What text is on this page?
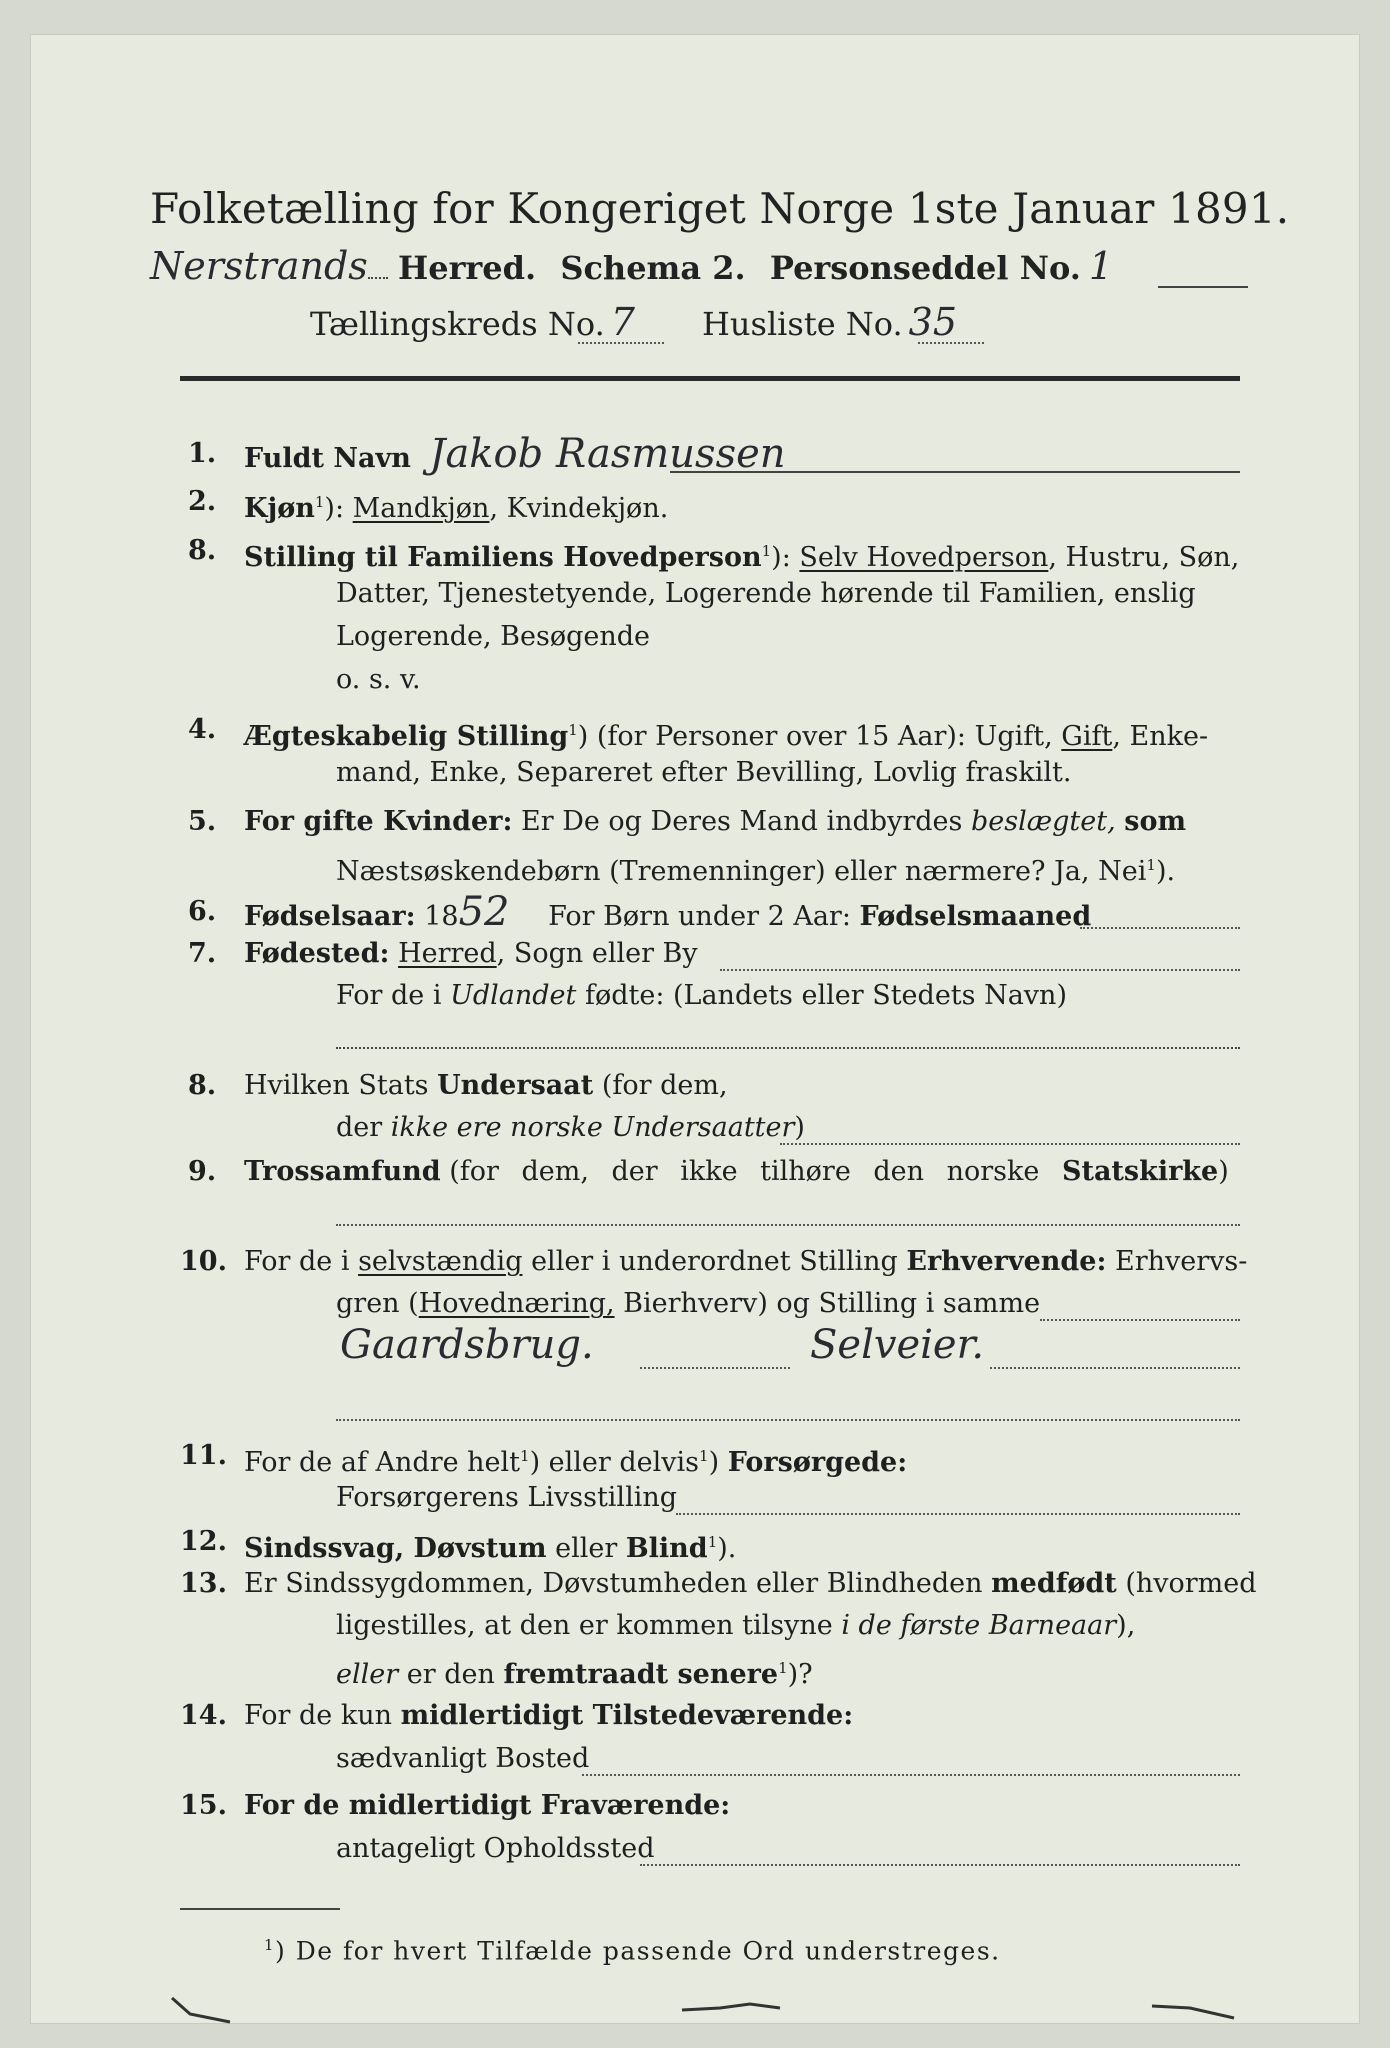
Folketælling for Kongeriget Norge 1ste Januar 1891.
Nerstrands Herred. Schema 2. Personseddel No. 1
Tællingskreds No. 7 Husliste No. 35
1. Fuldt Navn Jakob Rasmussen
2. Kjøn$^1$): Mandkjøn, Kvindekjøn.
8. Stilling til Familiens Hovedperson$^1$): Selv Hovedperson, Hustru, Søn,
Datter, Tjenestetyende, Logerende hørende til Familien, enslig
Logerende, Besøgende
o. s. v.
4. Ægteskabelig Stilling$^1$) (for Personer over 15 Aar): Ugift, Gift, Enke-
mand, Enke, Separeret efter Bevilling, Lovlig fraskilt.
5. For gifte Kvinder: Er De og Deres Mand indbyrdes beslægtet, som
Næstsøskendebørn (Tremenninger) eller nærmere? Ja, Nei$^1$).
6. Fødselsaar: 1852 For Børn under 2 Aar: Fødselsmaaned
7. Fødested: Herred, Sogn eller By
For de i Udlandet fødte: (Landets eller Stedets Navn)
8. Hvilken Stats Undersaat (for dem,
der ikke ere norske Undersaatter)
9. Trossamfund (for dem, der ikke tilhøre den norske Statskirke)
10. For de i selvstændig eller i underordnet Stilling Erhvervende: Erhvervs-
gren (Hovednæring, Bierhverv) og Stilling i samme
Gaardsbrug.	Selveier.
11. For de af Andre helt$^1$) eller delvis$^1$) Forsørgede:
Forsørgerens Livsstilling
12. Sindssvag, Døvstum eller Blind$^1$).
13. Er Sindssygdommen, Døvstumheden eller Blindheden medfødt (hvormed
ligestilles, at den er kommen tilsyne i de første Barneaar),
eller er den fremtraadt senere$^1$)?
14. For de kun midlertidigt Tilstedeværende:
sædvanligt Bosted
15. For de midlertidigt Fraværende:
antageligt Opholdssted
$^1$) De for hvert Tilfælde passende Ord understreges.
